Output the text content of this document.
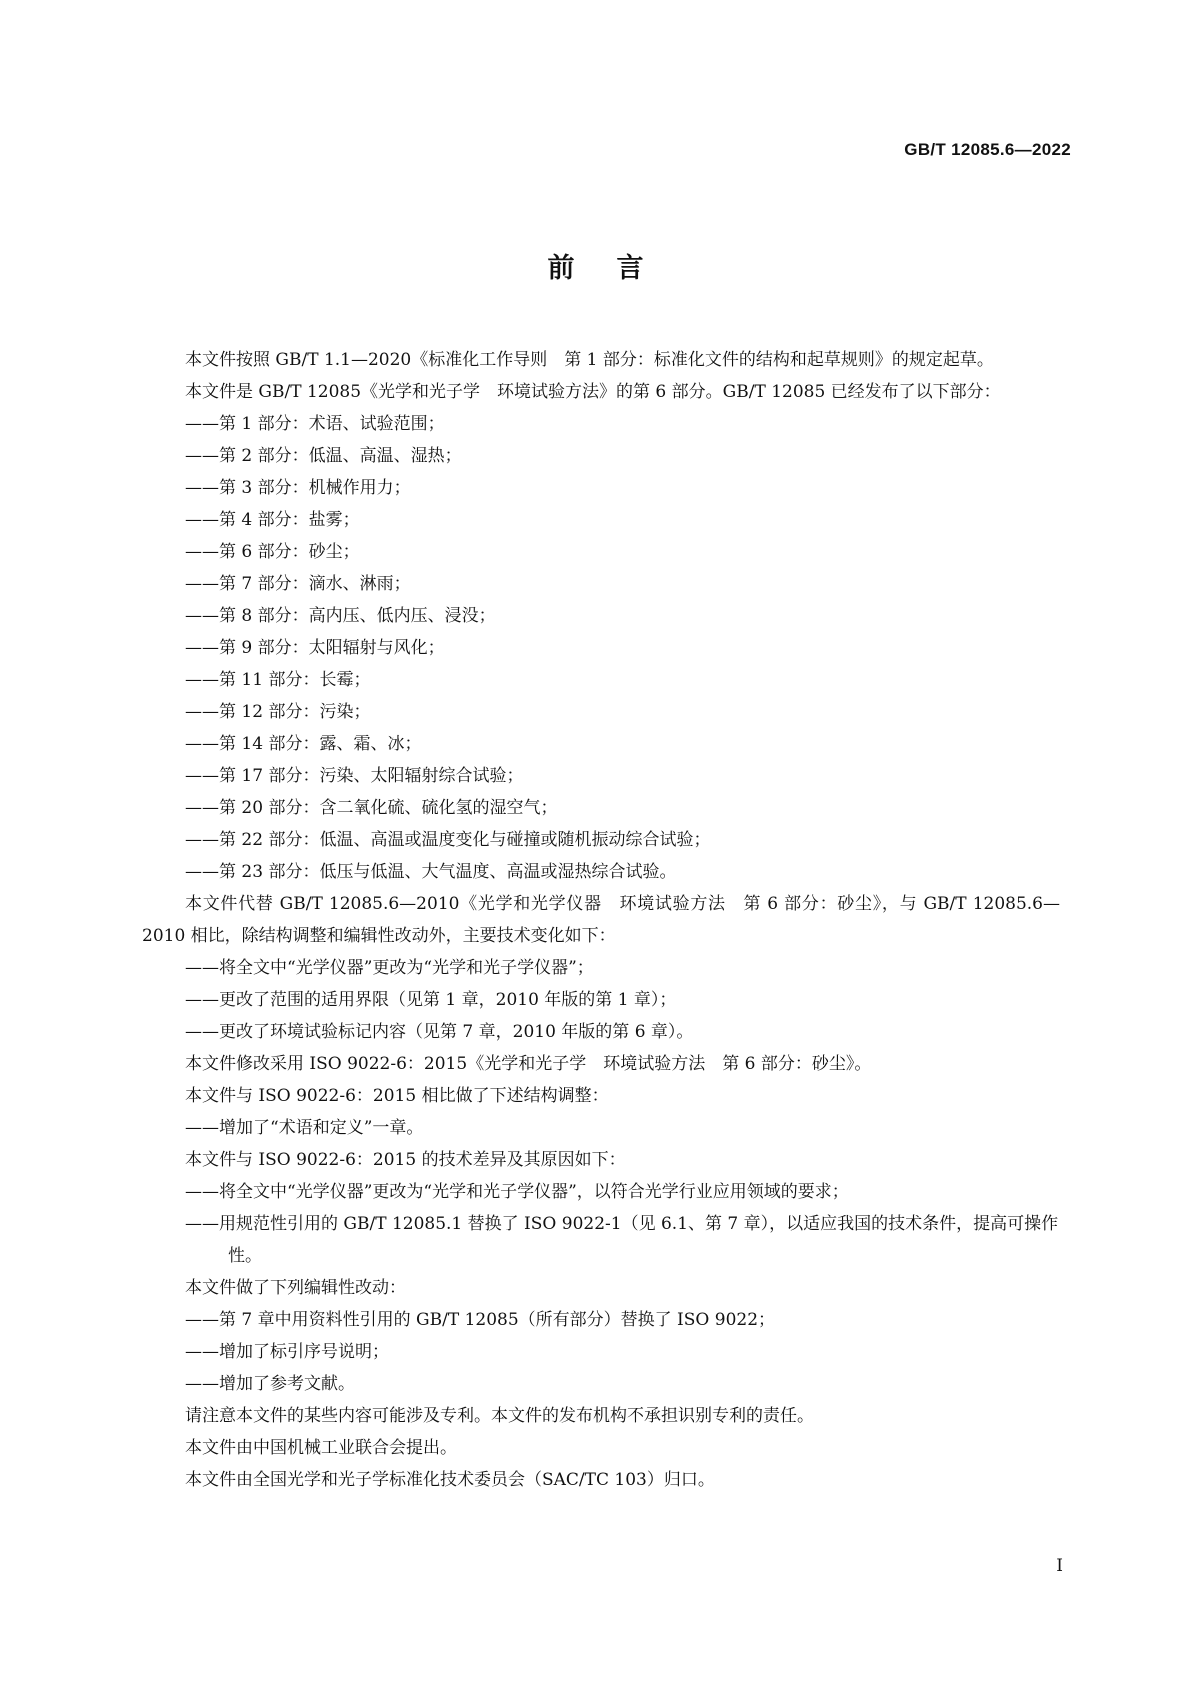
GB/T 12085.6—2022
前言
本文件按照 GB/T 1.1—2020《标准化工作导则　第 1 部分：标准化文件的结构和起草规则》的规定起草。
本文件是 GB/T 12085《光学和光子学　环境试验方法》的第 6 部分。GB/T 12085 已经发布了以下部分：
——第 1 部分：术语、试验范围；
——第 2 部分：低温、高温、湿热；
——第 3 部分：机械作用力；
——第 4 部分：盐雾；
——第 6 部分：砂尘；
——第 7 部分：滴水、淋雨；
——第 8 部分：高内压、低内压、浸没；
——第 9 部分：太阳辐射与风化；
——第 11 部分：长霉；
——第 12 部分：污染；
——第 14 部分：露、霜、冰；
——第 17 部分：污染、太阳辐射综合试验；
——第 20 部分：含二氧化硫、硫化氢的湿空气；
——第 22 部分：低温、高温或温度变化与碰撞或随机振动综合试验；
——第 23 部分：低压与低温、大气温度、高温或湿热综合试验。
本文件代替 GB/T 12085.6—2010《光学和光学仪器　环境试验方法　第 6 部分：砂尘》，与 GB/T 12085.6—2010 相比，除结构调整和编辑性改动外，主要技术变化如下：
——将全文中“光学仪器”更改为“光学和光子学仪器”；
——更改了范围的适用界限（见第 1 章，2010 年版的第 1 章）；
——更改了环境试验标记内容（见第 7 章，2010 年版的第 6 章）。
本文件修改采用 ISO 9022-6：2015《光学和光子学　环境试验方法　第 6 部分：砂尘》。
本文件与 ISO 9022-6：2015 相比做了下述结构调整：
——增加了“术语和定义”一章。
本文件与 ISO 9022-6：2015 的技术差异及其原因如下：
——将全文中“光学仪器”更改为“光学和光子学仪器”，以符合光学行业应用领域的要求；
——用规范性引用的 GB/T 12085.1 替换了 ISO 9022-1（见 6.1、第 7 章），以适应我国的技术条件，提高可操作性。
本文件做了下列编辑性改动：
——第 7 章中用资料性引用的 GB/T 12085（所有部分）替换了 ISO 9022；
——增加了标引序号说明；
——增加了参考文献。
请注意本文件的某些内容可能涉及专利。本文件的发布机构不承担识别专利的责任。
本文件由中国机械工业联合会提出。
本文件由全国光学和光子学标准化技术委员会（SAC/TC 103）归口。
I
